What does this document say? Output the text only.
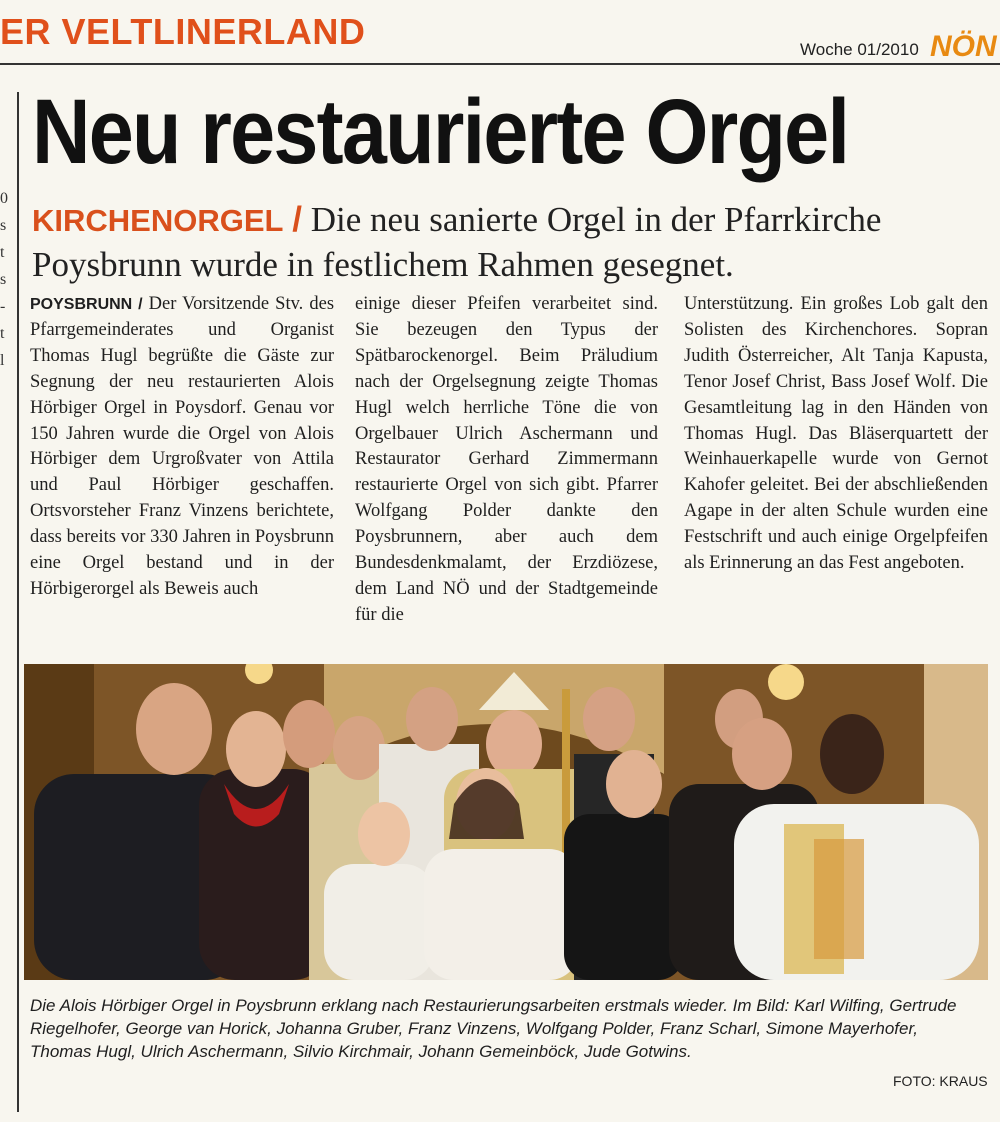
ER VELTLINERLAND	Woche 01/2010 NÖN
0 s t s - t l
Neu restaurierte Orgel
KIRCHENORGEL / Die neu sanierte Orgel in der Pfarrkirche Poysbrunn wurde in festlichem Rahmen gesegnet.
POYSBRUNN / Der Vorsitzende Stv. des Pfarrgemeinderates und Organist Thomas Hugl begrüßte die Gäste zur Segnung der neu restaurierten Alois Hörbiger Orgel in Poysdorf. Genau vor 150 Jahren wurde die Orgel von Alois Hörbiger dem Urgroßvater von Attila und Paul Hörbiger geschaffen. Ortsvorsteher Franz Vinzens berichtete, dass bereits vor 330 Jahren in Poysbrunn eine Orgel bestand und in der Hörbigerorgel als Beweis auch
einige dieser Pfeifen verarbeitet sind. Sie bezeugen den Typus der Spätbarockenorgel. Beim Präludium nach der Orgelsegnung zeigte Thomas Hugl welch herrliche Töne die von Orgelbauer Ulrich Aschermann und Restaurator Gerhard Zimmermann restaurierte Orgel von sich gibt. Pfarrer Wolfgang Polder dankte den Poysbrunnern, aber auch dem Bundesdenkmalamt, der Erzdiözese, dem Land NÖ und der Stadtgemeinde für die
Unterstützung. Ein großes Lob galt den Solisten des Kirchenchores. Sopran Judith Österreicher, Alt Tanja Kapusta, Tenor Josef Christ, Bass Josef Wolf. Die Gesamtleitung lag in den Händen von Thomas Hugl. Das Bläserquartett der Weinhauerkapelle wurde von Gernot Kahofer geleitet. Bei der abschließenden Agape in der alten Schule wurden eine Festschrift und auch einige Orgelpfeifen als Erinnerung an das Fest angeboten.
Die Alois Hörbiger Orgel in Poysbrunn erklang nach Restaurierungsarbeiten erstmals wieder. Im Bild: Karl Wilfing, Gertrude Riegelhofer, George van Horick, Johanna Gruber, Franz Vinzens, Wolfgang Polder, Franz Scharl, Simone Mayerhofer, Thomas Hugl, Ulrich Aschermann, Silvio Kirchmair, Johann Gemeinböck, Jude Gotwins.
FOTO: KRAUS
